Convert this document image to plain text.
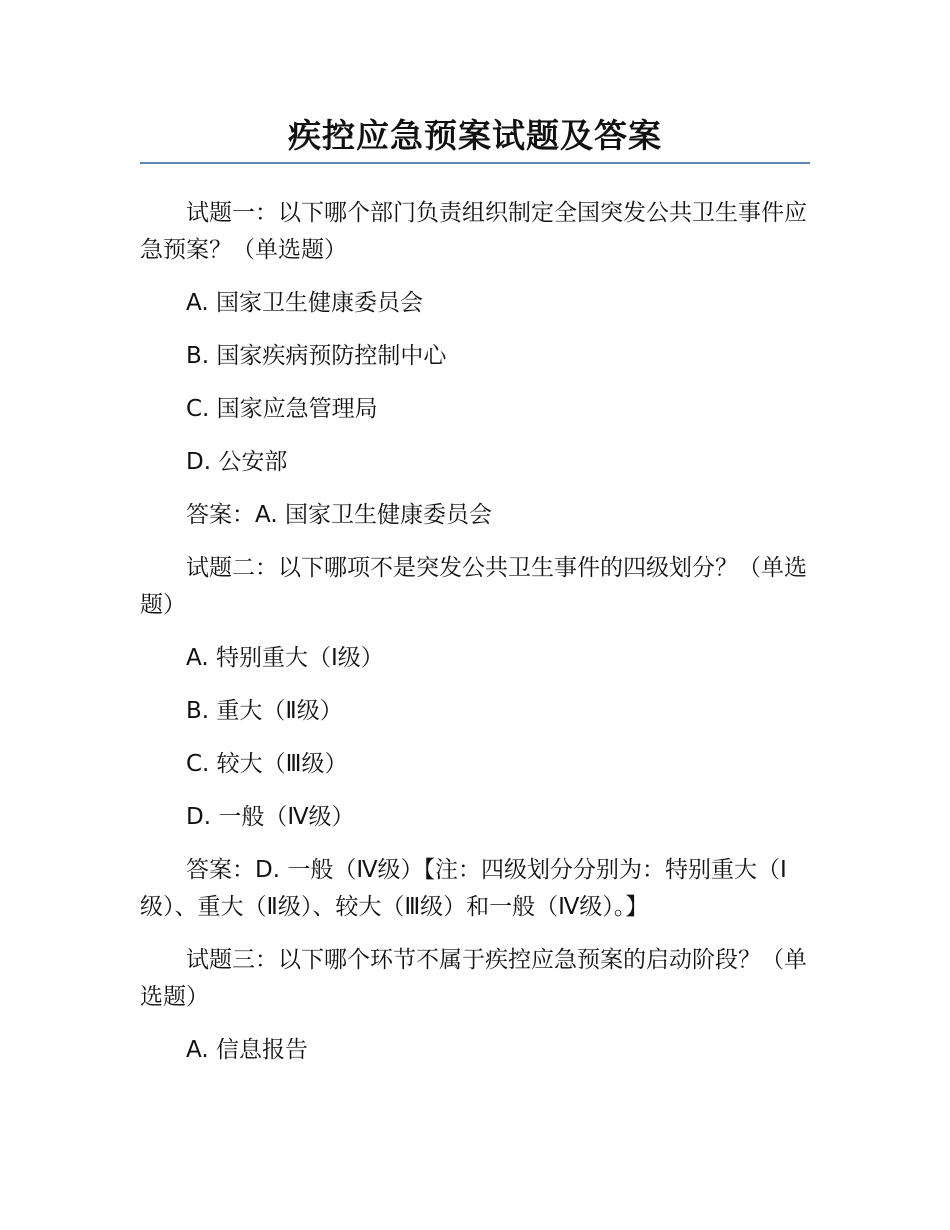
疾控应急预案试题及答案

试题一：以下哪个部门负责组织制定全国突发公共卫生事件应急预案？（单选题）

A. 国家卫生健康委员会

B. 国家疾病预防控制中心

C. 国家应急管理局

D. 公安部

答案：A. 国家卫生健康委员会

试题二：以下哪项不是突发公共卫生事件的四级划分？（单选题）

A. 特别重大（Ⅰ级）

B. 重大（Ⅱ级）

C. 较大（Ⅲ级）

D. 一般（Ⅳ级）

答案：D. 一般（Ⅳ级）【注：四级划分分别为：特别重大（Ⅰ级）、重大（Ⅱ级）、较大（Ⅲ级）和一般（Ⅳ级）。】

试题三：以下哪个环节不属于疾控应急预案的启动阶段？（单选题）

A. 信息报告
